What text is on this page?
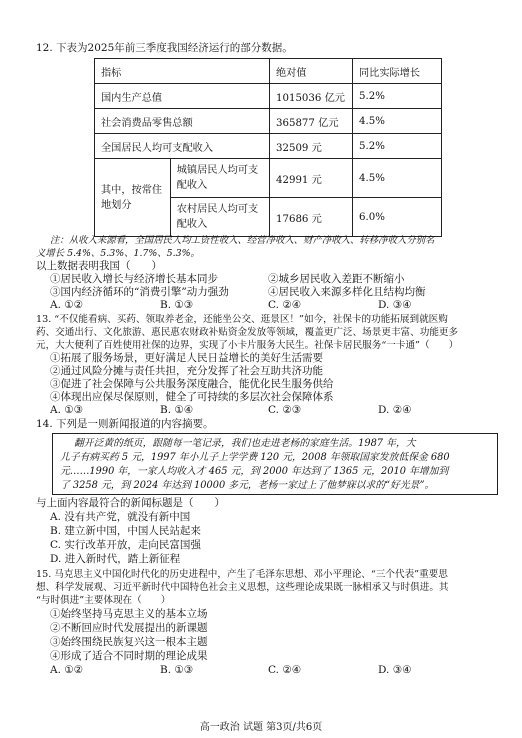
12. 下表为2025年前三季度我国经济运行的部分数据。
指标		绝对值	同比实际增长
国内生产总值		1015036 亿元	5.2%
社会消费品零售总额		365877 亿元	4.5%
全国居民人均可支配收入		32509 元	5.2%
其中，按常住地划分	城镇居民人均可支配收入	42991 元	4.5%
	农村居民人均可支配收入	17686 元	6.0%
注：从收入来源看，全国居民人均工资性收入、经营净收入、财产净收入、转移净收入分别名
义增长 5.4%、5.3%、1.7%、5.3%。
以上数据表明我国（　　）
①居民收入增长与经济增长基本同步	②城乡居民收入差距不断缩小
③国内经济循环的“消费引擎”动力强劲	④居民收入来源多样化且结构均衡
A. ①②	B. ①③	C. ②④	D. ③④
13. “不仅能看病、买药、领取养老金，还能坐公交、逛景区！”如今，社保卡的功能拓展到就医购
药、交通出行、文化旅游、惠民惠农财政补贴资金发放等领域，覆盖更广泛、场景更丰富、功能更多
元，大大便利了百姓使用社保的边界，实现了小卡片服务大民生。社保卡居民服务“一卡通”（　　）
①拓展了服务场景，更好满足人民日益增长的美好生活需要
②通过风险分摊与责任共担，充分发挥了社会互助共济功能
③促进了社会保障与公共服务深度融合，能优化民生服务供给
④体现出应保尽保原则，健全了可持续的多层次社会保障体系
A. ①③	B. ①④	C. ②③	D. ②④
14. 下列是一则新闻报道的内容摘要。
翻开泛黄的纸页，跟随每一笔记录，我们也走进老杨的家庭生活。1987 年，大
儿子有病买药 5 元，1997 年小儿子上学学费 120 元，2008 年领取国家发放低保金 680
元……1990 年，一家人均收入才 465 元，到 2000 年达到了 1365 元，2010 年增加到
了 3258 元，到 2024 年达到 10000 多元，老杨一家过上了他梦寐以求的“好光景”。
与上面内容最符合的新闻标题是（　　）
A. 没有共产党，就没有新中国
B. 建立新中国，中国人民站起来
C. 实行改革开放，走向民富国强
D. 进入新时代，踏上新征程
15. 马克思主义中国化时代化的历史进程中，产生了毛泽东思想、邓小平理论、“三个代表”重要思
想、科学发展观、习近平新时代中国特色社会主义思想，这些理论成果既一脉相承又与时俱进。其
“与时俱进”主要体现在（　　）
①始终坚持马克思主义的基本立场
②不断回应时代发展提出的新课题
③始终围绕民族复兴这一根本主题
④形成了适合不同时期的理论成果
A. ①②	B. ①③	C. ②④	D. ③④
高一政治 试题 第3页/共6页
